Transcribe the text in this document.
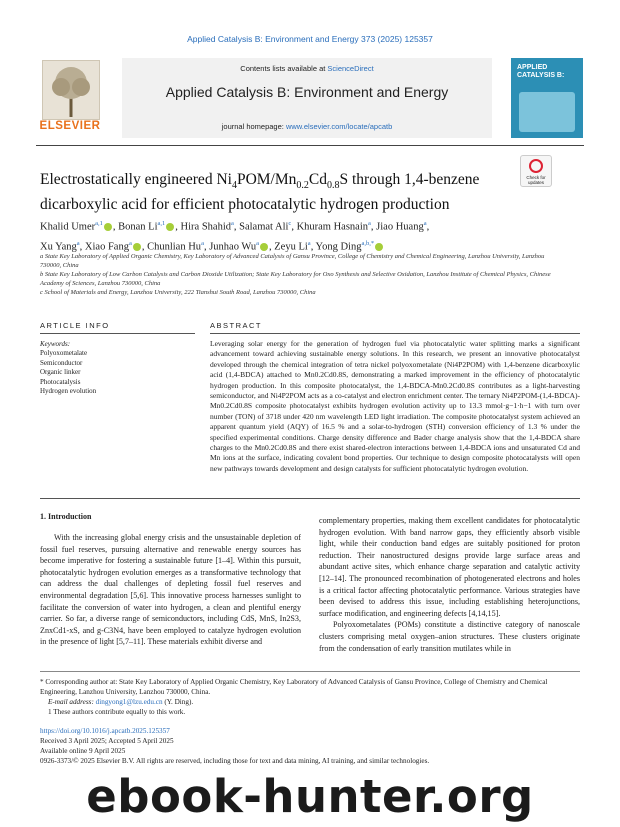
Applied Catalysis B: Environment and Energy 373 (2025) 125357
ELSEVIER
Contents lists available at ScienceDirect
Applied Catalysis B: Environment and Energy
journal homepage: www.elsevier.com/locate/apcatb
APPLIED CATALYSIS B:
Electrostatically engineered $Ni_4POM/Mn_{0.2}Cd_{0.8}S$ through 1,4-benzene dicarboxylic acid for efficient photocatalytic hydrogen production
Check for updates
Khalid Umer$^{a,1}$ , Bonan Li$^{a,1}$ , Hira Shahid$^a$, Salamat Ali$^c$, Khuram Hasnain$^a$, Jiao Huang$^a$,
Xu Yang$^a$, Xiao Fang$^a$ , Chunlian Hu$^a$, Junhao Wu$^a$ , Zeyu Li$^a$, Yong Ding$^{a,b,*}$
a State Key Laboratory of Applied Organic Chemistry, Key Laboratory of Advanced Catalysis of Gansu Province, College of Chemistry and Chemical Engineering, Lanzhou University, Lanzhou 730000, China
b State Key Laboratory of Low Carbon Catalysis and Carbon Dioxide Utilization; State Key Laboratory for Oxo Synthesis and Selective Oxidation, Lanzhou Institute of Chemical Physics, Chinese Academy of Sciences, Lanzhou 730000, China
c School of Materials and Energy, Lanzhou University, 222 Tianshui South Road, Lanzhou 730000, China
ARTICLE INFO	ABSTRACT
Keywords:
Polyoxometalate
Semiconductor
Organic linker
Photocatalysis
Hydrogen evolution
Leveraging solar energy for the generation of hydrogen fuel via photocatalytic water splitting marks a significant advancement toward achieving sustainable energy solutions. In this research, we present an innovative photocatalyst developed through the chemical integration of tetra nickel polyoxometalate (Ni4P2POM) with 1,4-benzene dicarboxylic acid (1,4-BDCA) attached to Mn0.2Cd0.8S, demonstrating a marked improvement in the efficiency of photocatalytic hydrogen production. In this composite photocatalyst, the 1,4-BDCA-Mn0.2Cd0.8S contributes as a light-harvesting semiconductor, and Ni4P2POM acts as a co-catalyst and electron enrichment center. The ternary Ni4P2POM-(1,4-BDCA)-Mn0.2Cd0.8S composite photocatalyst exhibits hydrogen evolution activity up to 13.3 mmol·g−1·h−1 with turn over number (TON) of 3718 under 420 nm wavelength LED light irradiation. The composite photocatalyst system achieved an apparent quantum yield (AQY) of 16.5 % and a solar-to-hydrogen (STH) conversion efficiency of 1.3 % under the specified experimental conditions. Charge density difference and Bader charge analysis show that the 1,4-BDCA share charges to the Mn0.2Cd0.8S and there exist shared-electron interactions between 1,4-BDCA ions and unsaturated Cd and Mn ions at the surface, indicating covalent bond properties. Our technique to design composite photocatalysts will open new pathways towards development and design catalysts for sufficient photocatalytic hydrogen evolution.
1. Introduction
With the increasing global energy crisis and the unsustainable depletion of fossil fuel reserves, pursuing alternative and renewable energy sources has become imperative for fostering a sustainable future [1–4]. Within this pursuit, photocatalytic hydrogen evolution emerges as a transformative technology that can address the dual challenges of depleting fossil fuel reserves and environmental degradation [5,6]. This innovative process harnesses sunlight to facilitate the conversion of water into hydrogen, a clean and plentiful energy carrier. So far, a diverse range of semiconductors, including CdS, MnS, In2S3, ZnxCd1-xS, and g-C3N4, have been employed to catalyze hydrogen evolution in the presence of light [5,7–11]. These materials exhibit diverse and
complementary properties, making them excellent candidates for photocatalytic hydrogen evolution. With band narrow gaps, they efficiently absorb visible light, while their conduction band edges are suitably positioned for proton reduction. Their nanostructured designs provide large surface areas and abundant active sites, which enhance charge separation and catalytic activity [12–14]. The pronounced recombination of photogenerated electrons and holes is a critical factor affecting photocatalytic performance. Various strategies have been devised to address this issue, including establishing heterojunctions, surface modification, and engineering defects [4,14,15].
Polyoxometalates (POMs) constitute a distinctive category of nanoscale clusters comprising metal oxygen–anion structures. These clusters originate from the condensation of early transition mutilates while in
* Corresponding author at: State Key Laboratory of Applied Organic Chemistry, Key Laboratory of Advanced Catalysis of Gansu Province, College of Chemistry and Chemical Engineering, Lanzhou University, Lanzhou 730000, China.
E-mail address: dingyong1@lzu.edu.cn (Y. Ding).
1 These authors contribute equally to this work.
https://doi.org/10.1016/j.apcatb.2025.125357
Received 3 April 2025; Accepted 5 April 2025
Available online 9 April 2025
0926-3373/© 2025 Elsevier B.V. All rights are reserved, including those for text and data mining, AI training, and similar technologies.
ebook-hunter.org
